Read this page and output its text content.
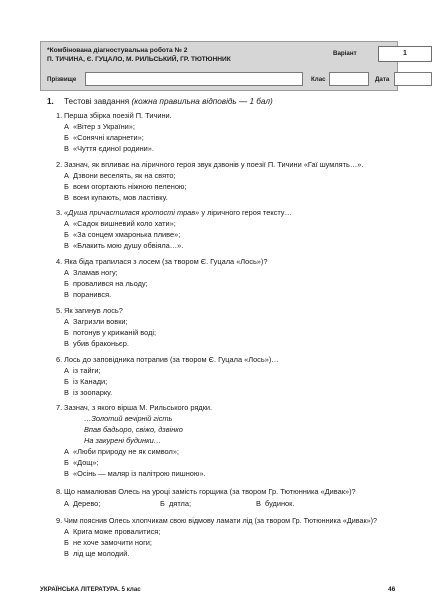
*Комбінована діагностувальна робота № 2
П. ТИЧИНА, Є. ГУЦАЛО, М. РИЛЬСЬКИЙ, ГР. ТЮТЮННИК
Варіант	1
Прізвище	Клас	Дата
1. Тестові завдання (кожна правильна відповідь — 1 бал)
1. Перша збірка поезій П. Тичини.
А «Вітер з України»;
Б «Сонячні кларнети»;
В «Чуття єдиної родини».
2. Зазнач, як впливає на ліричного героя звук дзвонів у поезії П. Тичини «Гаї шумлять…».
А Дзвони веселять, як на свято;
Б вони огортають ніжною пеленою;
В вони купають, мов ластівку.
3. «Душа причастилася кротості трав» у ліричного героя тексту…
А «Садок вишневий коло хати»;
Б «За сонцем хмаронька пливе»;
В «Блакить мою душу обвіяла…».
4. Яка біда трапилася з лосем (за твором Є. Гуцала «Лось»)?
А Зламав ногу;
Б провалився на льоду;
В поранився.
5. Як загинув лось?
А Загризли вовки;
Б потонув у крижаній воді;
В убив браконьєр.
6. Лось до заповідника потрапив (за твором Є. Гуцала «Лось»)…
А із тайги;
Б із Канади;
В із зоопарку.
7. Зазнач, з якого вірша М. Рильського рядки.
…Золотий вечірній гість
Впав бадьоро, свіжо, дзвінко
На закурені будинки…
А «Люби природу не як символ»;
Б «Дощ»;
В «Осінь — маляр із палітрою пишною».
8. Що намалював Олесь на уроці замість горщика (за твором Гр. Тютюнника «Дивак»)?
А Дерево;	Б дятла;	В будинок.
9. Чим пояснив Олесь хлопчикам свою відмову ламати лід (за твором Гр. Тютюнника «Дивак»)?
А Крига може провалитися;
Б не хоче замочити ноги;
В лід ще молодий.
УКРАЇНСЬКА ЛІТЕРАТУРА. 5 клас	46
